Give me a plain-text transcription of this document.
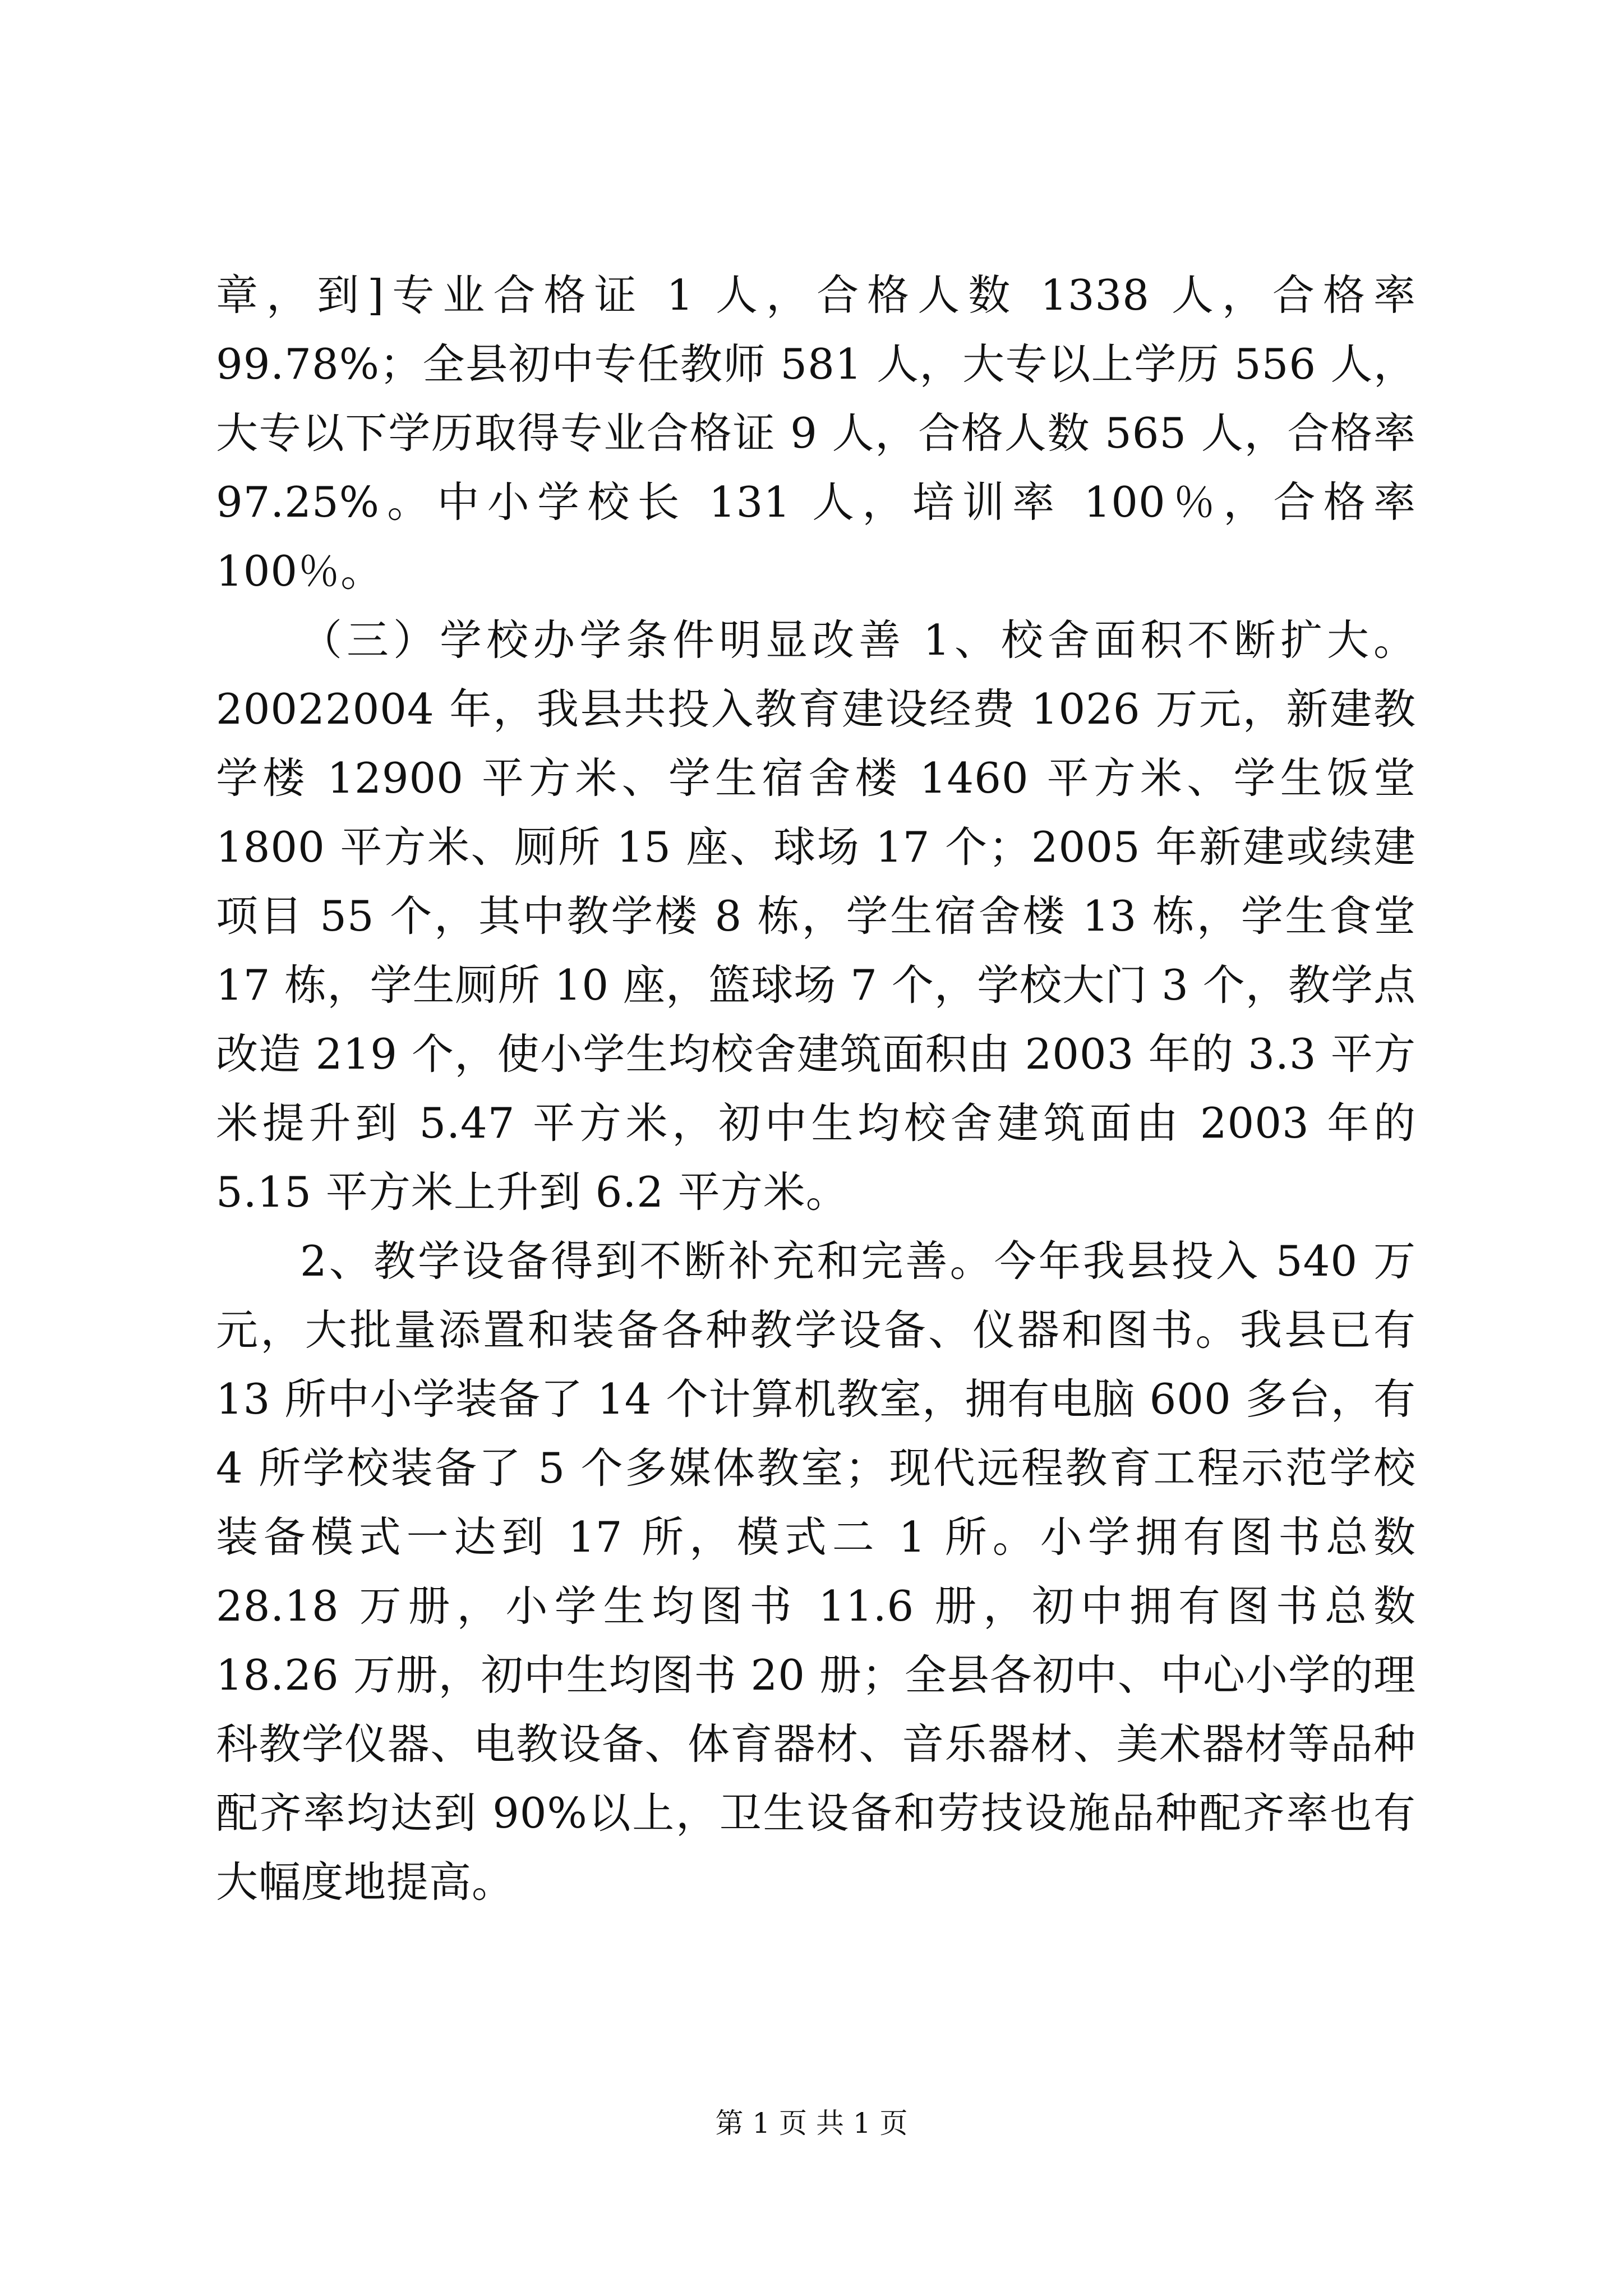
章，到]专业合格证 1 人，合格人数 1338 人，合格率 99.78%；全县初中专任教师 581 人，大专以上学历 556 人，大专以下学历取得专业合格证 9 人，合格人数 565 人，合格率 97.25%。中小学校长 131 人，培训率 100％，合格率 100％。

（三）学校办学条件明显改善 1、校舍面积不断扩大。20022004 年，我县共投入教育建设经费 1026 万元，新建教学楼 12900 平方米、学生宿舍楼 1460 平方米、学生饭堂 1800 平方米、厕所 15 座、球场 17 个；2005 年新建或续建项目 55 个，其中教学楼 8 栋，学生宿舍楼 13 栋，学生食堂 17 栋，学生厕所 10 座，篮球场 7 个，学校大门 3 个，教学点改造 219 个，使小学生均校舍建筑面积由 2003 年的 3.3 平方米提升到 5.47 平方米，初中生均校舍建筑面由 2003 年的 5.15 平方米上升到 6.2 平方米。

2、教学设备得到不断补充和完善。今年我县投入 540 万元，大批量添置和装备各种教学设备、仪器和图书。我县已有 13 所中小学装备了 14 个计算机教室，拥有电脑 600 多台，有 4 所学校装备了 5 个多媒体教室；现代远程教育工程示范学校装备模式一达到 17 所，模式二 1 所。小学拥有图书总数 28.18 万册，小学生均图书 11.6 册，初中拥有图书总数 18.26 万册，初中生均图书 20 册；全县各初中、中心小学的理科教学仪器、电教设备、体育器材、音乐器材、美术器材等品种配齐率均达到 90%以上，卫生设备和劳技设施品种配齐率也有大幅度地提高。

第 1 页 共 1 页
